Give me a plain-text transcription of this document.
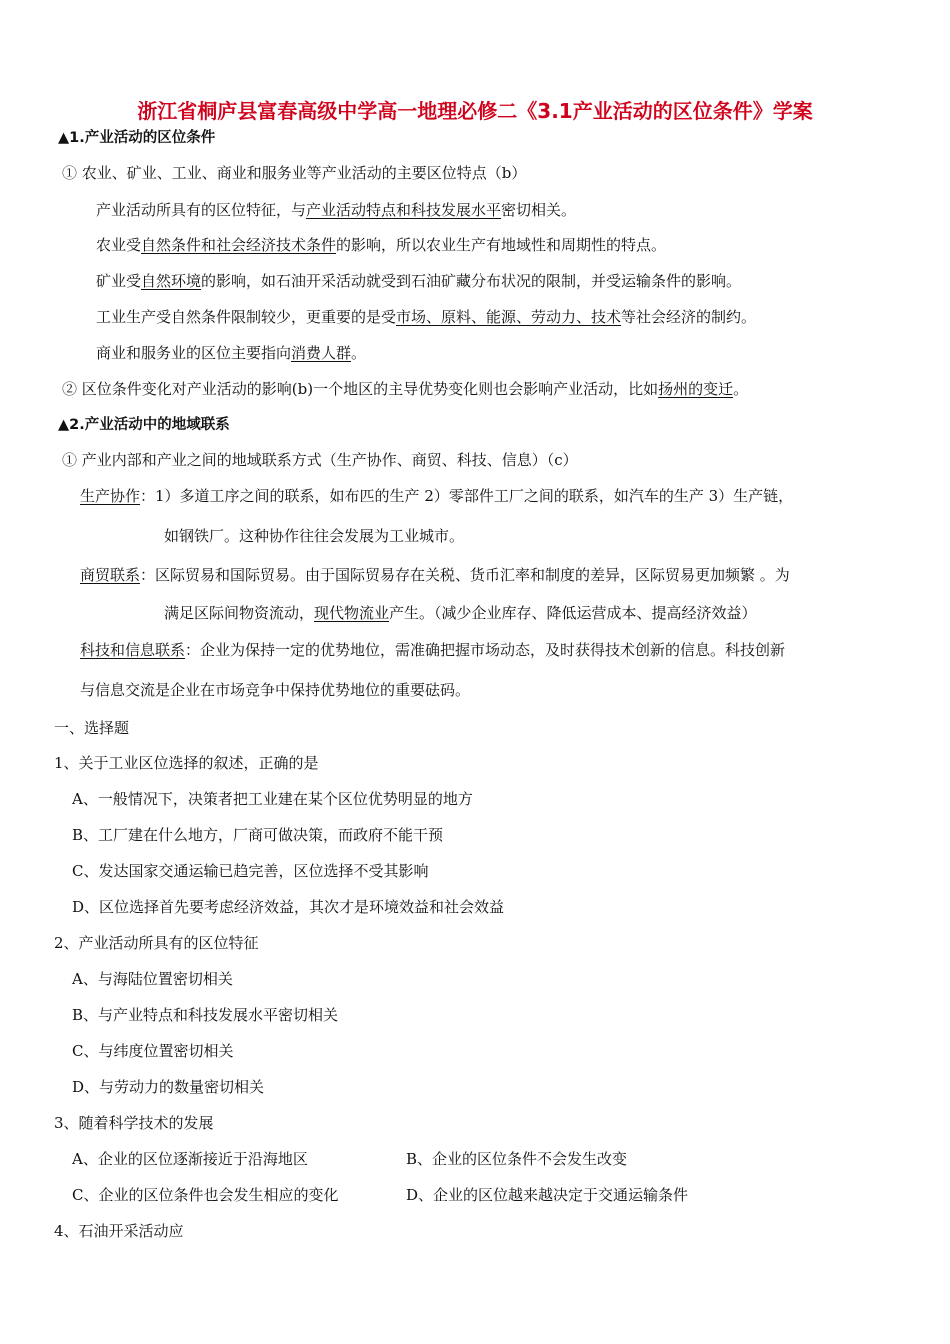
浙江省桐庐县富春高级中学高一地理必修二《3.1产业活动的区位条件》学案
▲1.产业活动的区位条件
① 农业、矿业、工业、商业和服务业等产业活动的主要区位特点（b）
产业活动所具有的区位特征，与产业活动特点和科技发展水平密切相关。
农业受自然条件和社会经济技术条件的影响，所以农业生产有地域性和周期性的特点。
矿业受自然环境的影响，如石油开采活动就受到石油矿藏分布状况的限制，并受运输条件的影响。
工业生产受自然条件限制较少，更重要的是受市场、原料、能源、劳动力、技术等社会经济的制约。
商业和服务业的区位主要指向消费人群。
② 区位条件变化对产业活动的影响(b)一个地区的主导优势变化则也会影响产业活动，比如扬州的变迁。
▲2.产业活动中的地域联系
① 产业内部和产业之间的地域联系方式（生产协作、商贸、科技、信息）（c）
生产协作：1）多道工序之间的联系，如布匹的生产 2）零部件工厂之间的联系，如汽车的生产 3）生产链，
如钢铁厂。这种协作往往会发展为工业城市。
商贸联系：区际贸易和国际贸易。由于国际贸易存在关税、货币汇率和制度的差异，区际贸易更加频繁 。为
满足区际间物资流动，现代物流业产生。（减少企业库存、降低运营成本、提高经济效益）
科技和信息联系：企业为保持一定的优势地位，需准确把握市场动态，及时获得技术创新的信息。科技创新
与信息交流是企业在市场竞争中保持优势地位的重要砝码。
一、选择题
1、关于工业区位选择的叙述，正确的是
A、一般情况下，决策者把工业建在某个区位优势明显的地方
B、工厂建在什么地方，厂商可做决策，而政府不能干预
C、发达国家交通运输已趋完善，区位选择不受其影响
D、区位选择首先要考虑经济效益，其次才是环境效益和社会效益
2、产业活动所具有的区位特征
A、与海陆位置密切相关
B、与产业特点和科技发展水平密切相关
C、与纬度位置密切相关
D、与劳动力的数量密切相关
3、随着科学技术的发展
A、企业的区位逐渐接近于沿海地区	B、企业的区位条件不会发生改变
C、企业的区位条件也会发生相应的变化	D、企业的区位越来越决定于交通运输条件
4、石油开采活动应
